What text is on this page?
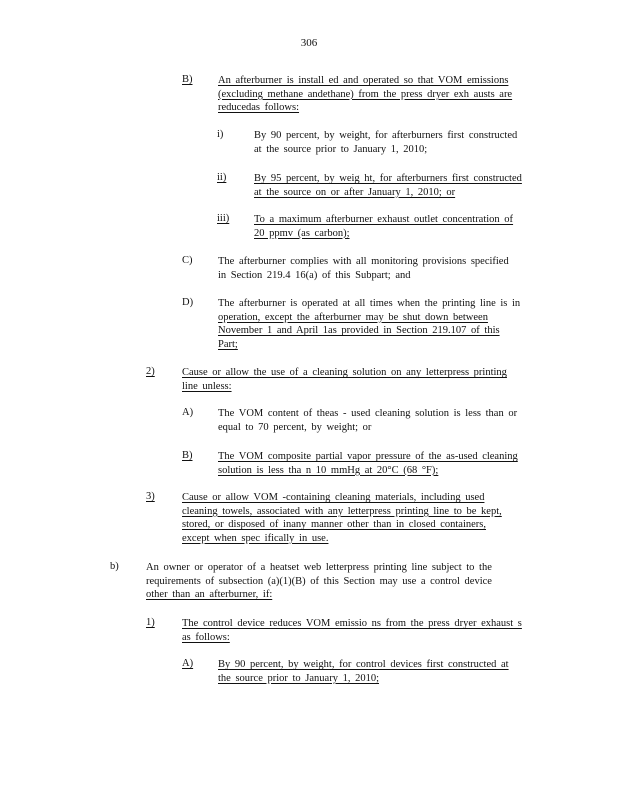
306
B) An afterburner is install ed and operated so that VOM emissions
(excluding methane andethane) from the press dryer exh austs are
reducedas follows:
i)	By 90 percent, by weight, for afterburners first constructed
at the source prior to January 1, 2010;
ii)	By 95 percent, by weig ht, for afterburners first constructed
at the source on or after January 1, 2010; or
iii) To a maximum afterburner exhaust outlet concentration of
20 ppmv (as carbon);
C) The afterburner complies with all monitoring provisions specified
in Section 219.4 16(a) of this Subpart; and
D) The afterburner is operated at all times when the printing line is in
operation, except the afterburner may be shut down between
November 1 and April 1as provided in Section 219.107 of this
Part;
2)	Cause or allow the use of a cleaning solution on any letterpress printing
line unless:
A) The VOM content of theas - used cleaning solution is less than or
equal to 70 percent, by weight; or
B) The VOM composite partial vapor pressure of the as-used cleaning
solution is less tha n 10 mmHg at 20°C (68 °F);
3)	Cause or allow VOM -containing cleaning materials, including used
cleaning towels, associated with any letterpress printing line to be kept,
stored, or disposed of inany manner other than in closed containers,
except when spec ifically in use.
b)	An owner or operator of a heatset web letterpress printing line subject to the
requirements of subsection (a)(1)(B) of this Section may use a control device
other than an afterburner, if:
1)	The control device reduces VOM emissio ns from the press dryer exhaust s
as follows:
A) By 90 percent, by weight, for control devices first constructed at
the source prior to January 1, 2010;
